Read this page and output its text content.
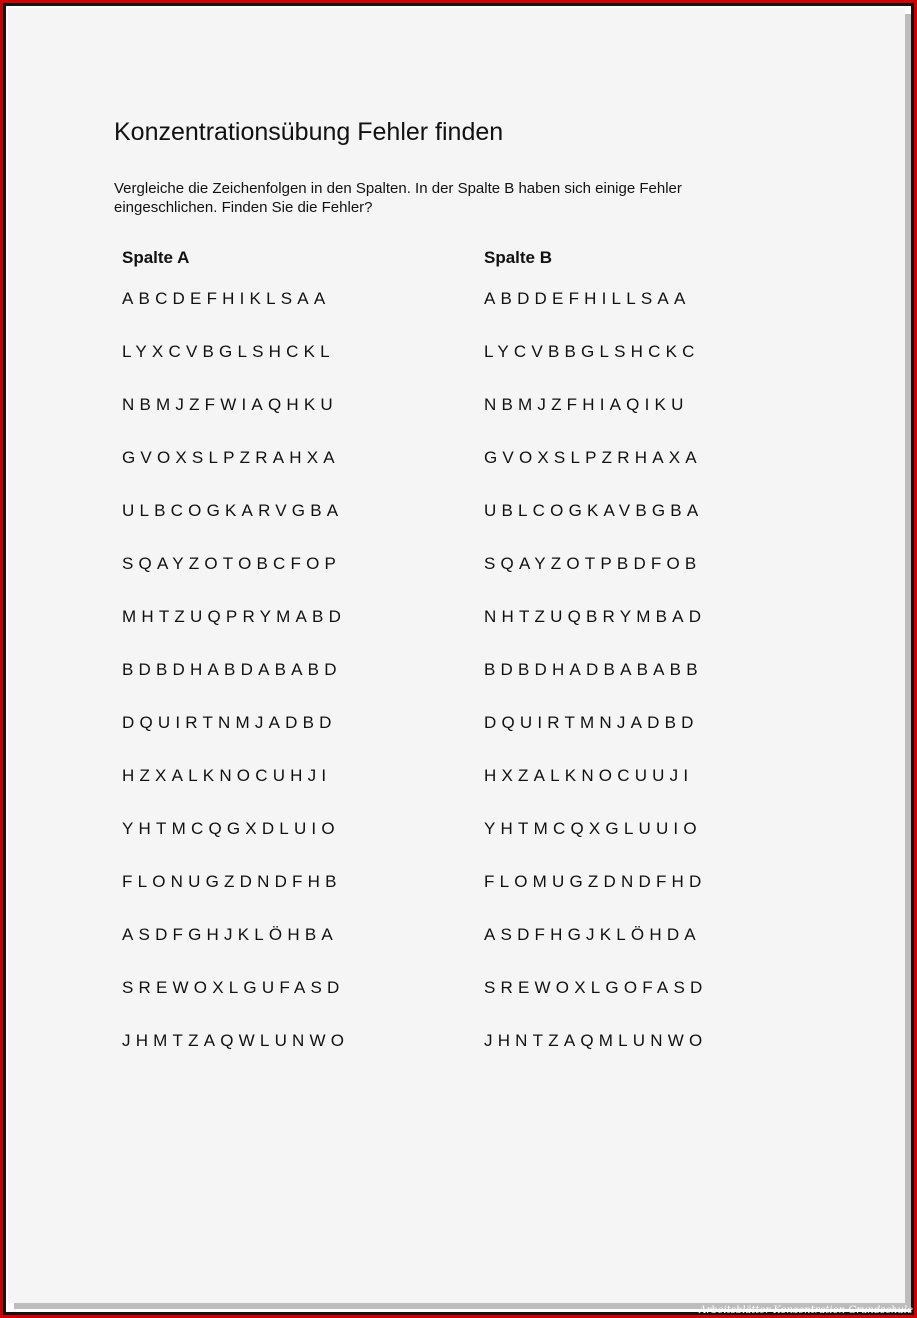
Konzentrationsübung Fehler finden
Vergleiche die Zeichenfolgen in den Spalten. In der Spalte B haben sich einige Fehler eingeschlichen. Finden Sie die Fehler?
Spalte A	Spalte B
ABCDEFHIKLSAA
LYXCVBGLSHCKL
NBMJZFWIAQHKU
GVOXSLPZRAHXA
ULBCOGKARVGBA
SQAYZOTOBCFOP
MHTZUQPRYMABD
BDBDHABDABABD
DQUIRTNMJADBD
HZXALKNOCUHJI
YHTMCQGXDLUIO
FLONUGZDNDFHB
ASDFGHJKLÖHBA
SREWOXLGUFASD
JHMTZAQWLUNWO
ABDDEFHILLSAA
LYCVBBGLSHCKC
NBMJZFHIAQIKU
GVOXSLPZRHAXA
UBLCOGKAVBGBA
SQAYZOTPBDFOB
NHTZUQBRYMBAD
BDBDHADBABABB
DQUIRTMNJADBD
HXZALKNOCUUJI
YHTMCQXGLUUIO
FLOMUGZDNDFHD
ASDFHGJKLÖHDA
SREWOXLGOFASD
JHNTZAQMLUNWO
Arbeitsblätter Konzentration Grundschule
